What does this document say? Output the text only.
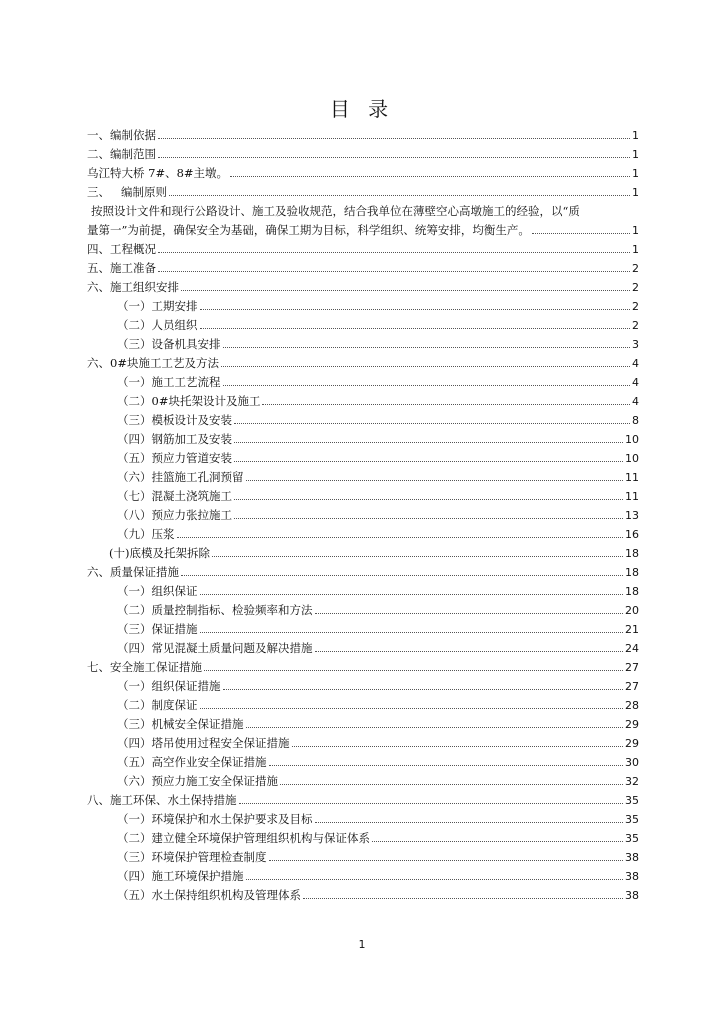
目 录
一、编制依据	1
二、编制范围	1
乌江特大桥 7#、8#主墩。	1
三、   编制原则	1
按照设计文件和现行公路设计、施工及验收规范，结合我单位在薄壁空心高墩施工的经验，以“质
量第一”为前提，确保安全为基础，确保工期为目标，科学组织、统筹安排，均衡生产。	1
四、工程概况	1
五、施工准备	2
六、施工组织安排	2
（一）工期安排	2
（二）人员组织	2
（三）设备机具安排	3
六、0#块施工工艺及方法	4
（一）施工工艺流程	4
（二）0#块托架设计及施工	4
（三）模板设计及安装	8
（四）钢筋加工及安装	10
（五）预应力管道安装	10
（六）挂篮施工孔洞预留	11
（七）混凝土浇筑施工	11
（八）预应力张拉施工	13
（九）压浆	16
(十)底模及托架拆除	18
六、质量保证措施	18
（一）组织保证	18
（二）质量控制指标、检验频率和方法	20
（三）保证措施	21
（四）常见混凝土质量问题及解决措施	24
七、安全施工保证措施	27
（一）组织保证措施	27
（二）制度保证	28
（三）机械安全保证措施	29
（四）塔吊使用过程安全保证措施	29
（五）高空作业安全保证措施	30
（六）预应力施工安全保证措施	32
八、施工环保、水土保持措施	35
（一）环境保护和水土保护要求及目标	35
（二）建立健全环境保护管理组织机构与保证体系	35
（三）环境保护管理检查制度	38
（四）施工环境保护措施	38
（五）水土保持组织机构及管理体系	38
1
